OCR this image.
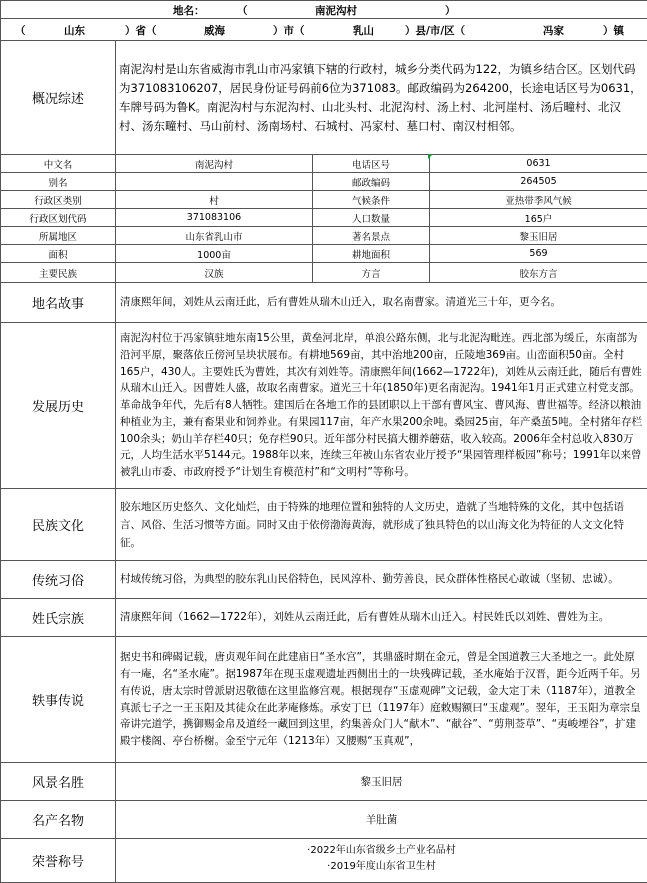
地名：	（	南泥沟村	）

（	山东	）省（	威海	）市（	乳山	）县/市/区（	冯家	）镇
概况综述	南泥沟村是山东省威海市乳山市冯家镇下辖的行政村，城乡分类代码为122，为镇乡结合区。区划代码为371083106207，居民身份证号码前6位为371083。邮政编码为264200，长途电话区号为0631，车牌号码为鲁K。南泥沟村与东泥沟村、山北头村、北泥沟村、汤上村、北河崖村、汤后疃村、北汉村、汤东疃村、马山前村、汤南场村、石城村、冯家村、墓口村、南汉村相邻。
中文名	南泥沟村	电话区号	0631
别名		邮政编码	264505
行政区类别	村	气候条件	亚热带季风气候
行政区划代码	371083106	人口数量	165户
所属地区	山东省乳山市	著名景点	黎玉旧居
面积	1000亩	耕地面积	569
主要民族	汉族	方言	胶东方言
地名故事	清康熙年间，刘姓从云南迁此，后有曹姓从瑞木山迁入，取名南曹家。清道光三十年，更今名。
发展历史	南泥沟村位于冯家镇驻地东南15公里，黄垒河北岸，单浪公路东侧，北与北泥沟毗连。西北部为缓丘，东南部为沿河平原，聚落依丘傍河呈块状展布。有耕地569亩，其中治地200亩，丘陵地369亩。山峦面积50亩。全村165户，430人。主要姓氏为曹姓，其次有刘姓等。清康熙年间(1662—1722年)，刘姓从云南迁此，随后有曹姓从瑞木山迁入。因曹姓人盛，故取名南曹家。道光三十年(1850年)更名南泥沟。1941年1月正式建立村党支部。革命战争年代，先后有8人牺牲。建国后在各地工作的县团职以上干部有曹风宝、曹风海、曹世福等。经济以粮油种植业为主，兼有畜果业和饲养业。有果园117亩，年产水果200余吨。桑园25亩，年产桑茧5吨。全村猪年存栏100余头；奶山羊存栏40只；免存栏90只。近年部分村民搞大棚养蘑菇，收入较高。2006年全村总收入830万元，人均生活水平5144元。1988年以来，连续三年被山东省农业厅授予“果园管理样板园”称号；1991年以来曾被乳山市委、市政府授予“计划生育模范村”和“文明村”等称号。
民族文化	胶东地区历史悠久、文化灿烂，由于特殊的地理位置和独特的人文历史，造就了当地特殊的文化，其中包括语言、风俗、生活习惯等方面。同时又由于依傍渤海黄海，就形成了独具特色的以山海文化为特征的人文文化特征。
传统习俗	村域传统习俗，为典型的胶东乳山民俗特色，民风淳朴、勤劳善良，民众群体性格民心敢诚（坚韧、忠诚）。
姓氏宗族	清康熙年间（1662—1722年），刘姓从云南迁此，后有曹姓从瑞木山迁入。村民姓氏以刘姓、曹姓为主。
轶事传说	据史书和碑碣记载，唐贞观年间在此建庙日“圣水宫”，其鼎盛时期在金元，曾是全国道教三大圣地之一。此处原有一庵，名“圣水庵”。据1987年在现玉虚观遗址西侧出土的一块残碑记载，圣水庵始于汉晋，距今近两千年。另有传说，唐太宗时曾派尉迟敬德在这里监修宫观。根据现存“玉虚观碑”文记载，金大定丁未（1187年），道教全真派七子之一王玉阳及其徒众在此茅庵修炼。承安丁巳（1197年）庭敕赐额曰“玉虚观”。翌年，王玉阳为章宗皇帝讲完道学，携御赐金帛及道经一藏回到这里，约集善众门人“献木”、“献谷”、“剪荆莶草”、“夷峻堙谷”，扩建殿宇楼阁、亭台桥榭。金至宁元年（1213年）又腰赐“玉真观”，
风景名胜	黎玉旧居
名产名物	羊肚菌
荣誉称号	·2022年山东省级乡土产业名品村
·2019年度山东省卫生村
